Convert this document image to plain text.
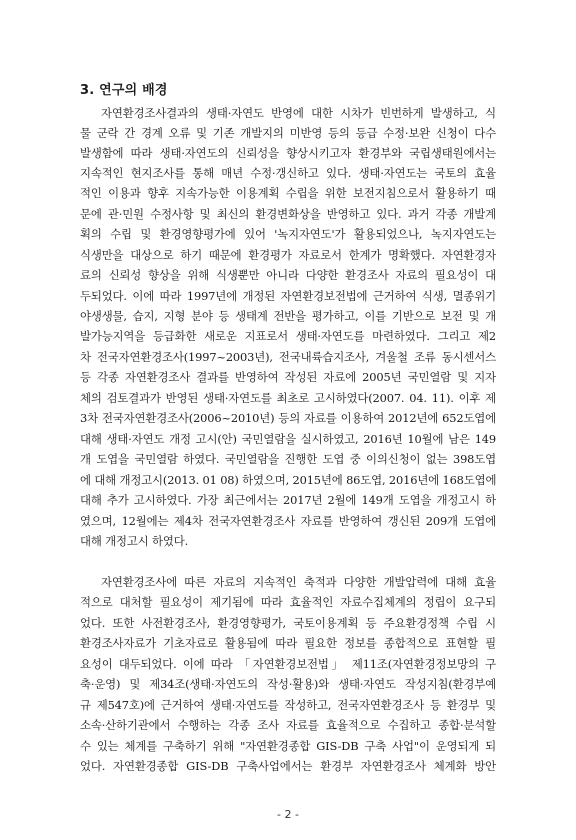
3. 연구의 배경
자연환경조사결과의 생태·자연도 반영에 대한 시차가 빈번하게 발생하고, 식
물 군락 간 경계 오류 및 기존 개발지의 미반영 등의 등급 수정·보완 신청이 다수
발생함에 따라 생태·자연도의 신뢰성을 향상시키고자 환경부와 국립생태원에서는
지속적인 현지조사를 통해 매년 수정·갱신하고 있다. 생태·자연도는 국토의 효율
적인 이용과 향후 지속가능한 이용계획 수립을 위한 보전지침으로서 활용하기 때
문에 관·민원 수정사항 및 최신의 환경변화상을 반영하고 있다. 과거 각종 개발계
획의 수립 및 환경영향평가에 있어 '녹지자연도'가 활용되었으나, 녹지자연도는
식생만을 대상으로 하기 때문에 환경평가 자료로서 한계가 명확했다. 자연환경자
료의 신뢰성 향상을 위해 식생뿐만 아니라 다양한 환경조사 자료의 필요성이 대
두되었다. 이에 따라 1997년에 개정된 자연환경보전법에 근거하여 식생, 멸종위기
야생생물, 습지, 지형 분야 등 생태계 전반을 평가하고, 이를 기반으로 보전 및 개
발가능지역을 등급화한 새로운 지표로서 생태·자연도를 마련하였다. 그리고 제2
차 전국자연환경조사(1997~2003년), 전국내륙습지조사, 겨울철 조류 동시센서스
등 각종 자연환경조사 결과를 반영하여 작성된 자료에 2005년 국민열람 및 지자
체의 검토결과가 반영된 생태·자연도를 최초로 고시하였다(2007. 04. 11). 이후 제
3차 전국자연환경조사(2006~2010년) 등의 자료를 이용하여 2012년에 652도엽에
대해 생태·자연도 개정 고시(안) 국민열람을 실시하였고, 2016년 10월에 남은 149
개 도엽을 국민열람 하였다. 국민열람을 진행한 도엽 중 이의신청이 없는 398도엽
에 대해 개정고시(2013. 01 08) 하였으며, 2015년에 86도엽, 2016년에 168도엽에
대해 추가 고시하였다. 가장 최근에서는 2017년 2월에 149개 도엽을 개정고시 하
였으며, 12월에는 제4차 전국자연환경조사 자료를 반영하여 갱신된 209개 도엽에
대해 개정고시 하였다.
자연환경조사에 따른 자료의 지속적인 축적과 다양한 개발압력에 대해 효율
적으로 대처할 필요성이 제기됨에 따라 효율적인 자료수집체계의 정립이 요구되
었다. 또한 사전환경조사, 환경영향평가, 국토이용계획 등 주요환경정책 수립 시
환경조사자료가 기초자료로 활용됨에 따라 필요한 정보를 종합적으로 표현할 필
요성이 대두되었다. 이에 따라 「자연환경보전법」 제11조(자연환경정보망의 구
축·운영) 및 제34조(생태·자연도의 작성·활용)와 생태·자연도 작성지침(환경부예
규 제547호)에 근거하여 생태·자연도를 작성하고, 전국자연환경조사 등 환경부 및
소속·산하기관에서 수행하는 각종 조사 자료를 효율적으로 수집하고 종합·분석할
수 있는 체계를 구축하기 위해 "자연환경종합 GIS-DB 구축 사업"이 운영되게 되
었다. 자연환경종합 GIS-DB 구축사업에서는 환경부 자연환경조사 체계화 방안
- 2 -
